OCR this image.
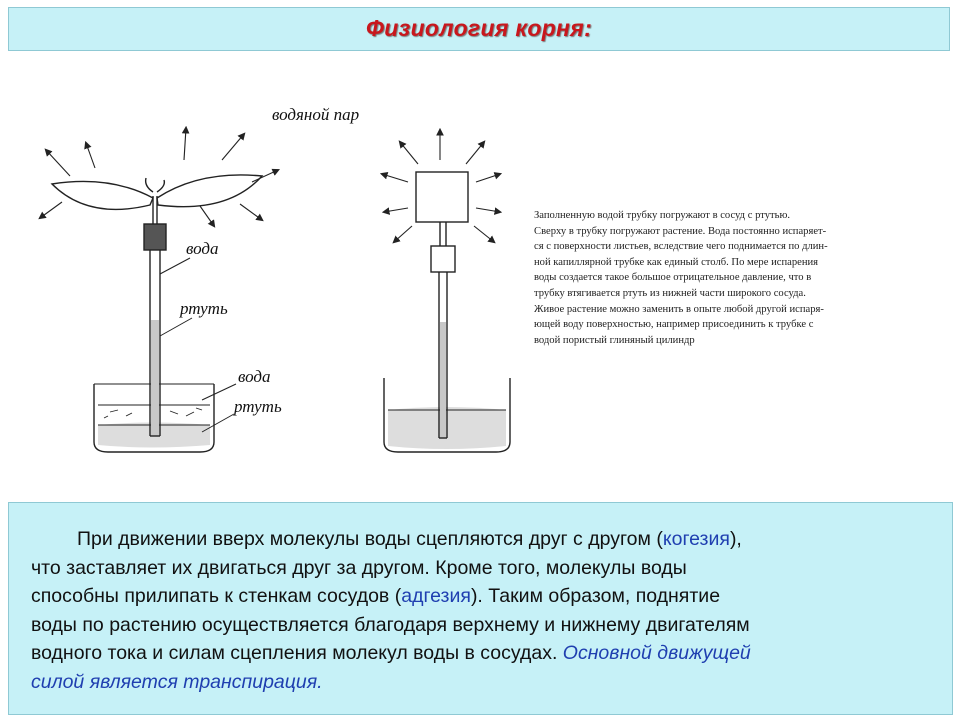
Физиология корня:
водяной пар
вода
ртуть
вода
ртуть
Заполненную водой трубку погружают в сосуд с ртутью.
Сверху в трубку погружают растение. Вода постоянно испаряет-
ся с поверхности листьев, вследствие чего поднимается по длин-
ной капиллярной трубке как единый столб. По мере испарения
воды создается такое большое отрицательное давление, что в
трубку втягивается ртуть из нижней части широкого сосуда.
Живое растение можно заменить в опыте любой другой испаря-
ющей воду поверхностью, например присоединить к трубке с
водой пористый глиняный цилиндр
При движении вверх молекулы воды сцепляются друг с другом (когезия),
что заставляет их двигаться друг за другом. Кроме того, молекулы воды
способны прилипать к стенкам сосудов (адгезия). Таким образом, поднятие
воды по растению осуществляется благодаря верхнему и нижнему двигателям
водного тока и силам сцепления молекул воды в сосудах. Основной движущей
силой является транспирация.
